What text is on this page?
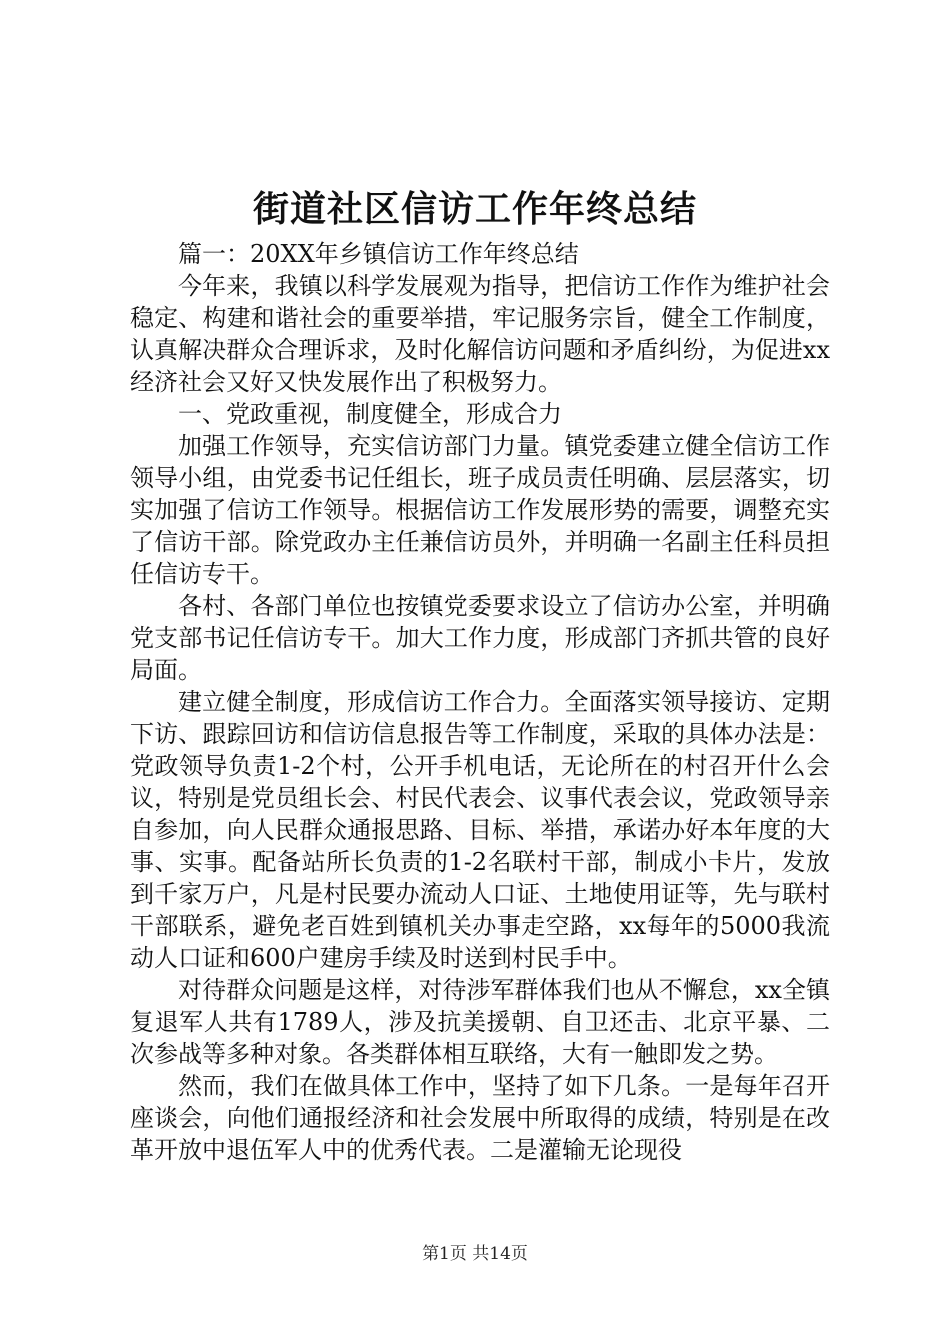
街道社区信访工作年终总结

篇一：20XX年乡镇信访工作年终总结

今年来，我镇以科学发展观为指导，把信访工作作为维护社会稳定、构建和谐社会的重要举措，牢记服务宗旨，健全工作制度，认真解决群众合理诉求，及时化解信访问题和矛盾纠纷，为促进xx经济社会又好又快发展作出了积极努力。

一、党政重视，制度健全，形成合力

加强工作领导，充实信访部门力量。镇党委建立健全信访工作领导小组，由党委书记任组长，班子成员责任明确、层层落实，切实加强了信访工作领导。根据信访工作发展形势的需要，调整充实了信访干部。除党政办主任兼信访员外，并明确一名副主任科员担任信访专干。

各村、各部门单位也按镇党委要求设立了信访办公室，并明确党支部书记任信访专干。加大工作力度，形成部门齐抓共管的良好局面。

建立健全制度，形成信访工作合力。全面落实领导接访、定期下访、跟踪回访和信访信息报告等工作制度，采取的具体办法是：党政领导负责1-2个村，公开手机电话，无论所在的村召开什么会议，特别是党员组长会、村民代表会、议事代表会议，党政领导亲自参加，向人民群众通报思路、目标、举措，承诺办好本年度的大事、实事。配备站所长负责的1-2名联村干部，制成小卡片，发放到千家万户，凡是村民要办流动人口证、土地使用证等，先与联村干部联系，避免老百姓到镇机关办事走空路，xx每年的5000我流动人口证和600户建房手续及时送到村民手中。

对待群众问题是这样，对待涉军群体我们也从不懈怠，xx全镇复退军人共有1789人，涉及抗美援朝、自卫还击、北京平暴、二次参战等多种对象。各类群体相互联络，大有一触即发之势。

然而，我们在做具体工作中，坚持了如下几条。一是每年召开座谈会，向他们通报经济和社会发展中所取得的成绩，特别是在改革开放中退伍军人中的优秀代表。二是灌输无论现役

第1页 共14页
